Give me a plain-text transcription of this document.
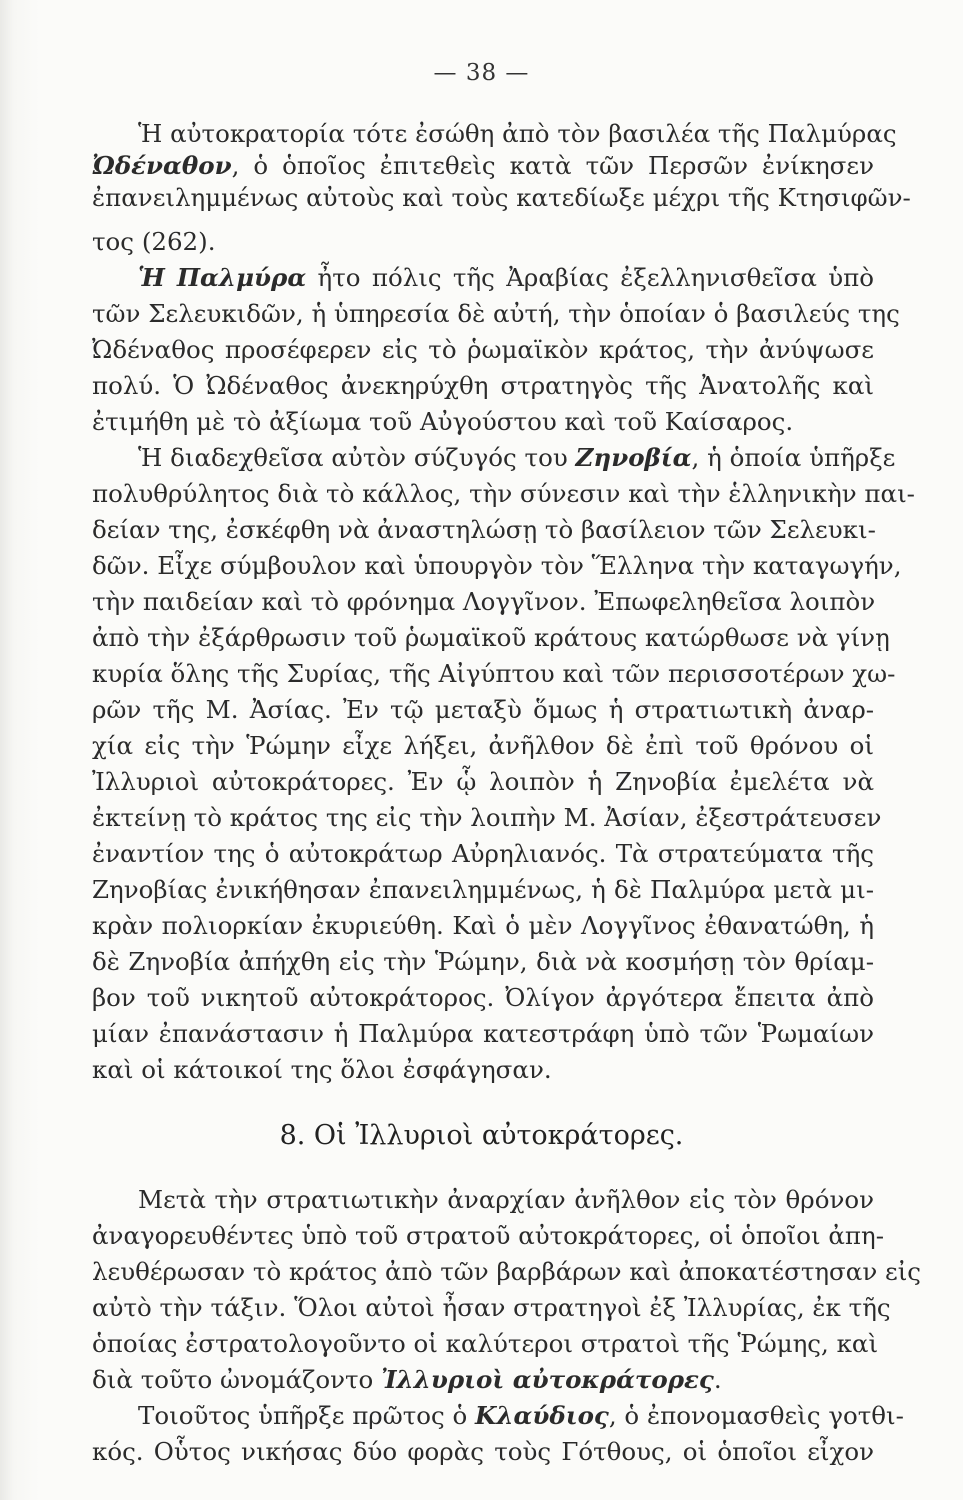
— 38 —
Ἡ αὐτοκρατορία τότε ἐσώθη ἀπὸ τὸν βασιλέα τῆς Παλμύρας
Ὠδέναθον, ὁ ὁποῖος ἐπιτεθεὶς κατὰ τῶν Περσῶν ἐνίκησεν
ἐπανειλημμένως αὐτοὺς καὶ τοὺς κατεδίωξε μέχρι τῆς Κτησιφῶν-
τος (262).
Ἡ Παλμύρα ἦτο πόλις τῆς Ἀραβίας ἐξελληνισθεῖσα ὑπὸ
τῶν Σελευκιδῶν, ἡ ὑπηρεσία δὲ αὐτή, τὴν ὁποίαν ὁ βασιλεύς της
Ὠδέναθος προσέφερεν εἰς τὸ ῥωμαϊκὸν κράτος, τὴν ἀνύψωσε
πολύ. Ὁ Ὠδέναθος ἀνεκηρύχθη στρατηγὸς τῆς Ἀνατολῆς καὶ
ἐτιμήθη μὲ τὸ ἀξίωμα τοῦ Αὐγούστου καὶ τοῦ Καίσαρος.
Ἡ διαδεχθεῖσα αὐτὸν σύζυγός του Ζηνοβία, ἡ ὁποία ὑπῆρξε
πολυθρύλητος διὰ τὸ κάλλος, τὴν σύνεσιν καὶ τὴν ἑλληνικὴν παι-
δείαν της, ἐσκέφθη νὰ ἀναστηλώσῃ τὸ βασίλειον τῶν Σελευκι-
δῶν. Εἶχε σύμβουλον καὶ ὑπουργὸν τὸν Ἕλληνα τὴν καταγωγήν,
τὴν παιδείαν καὶ τὸ φρόνημα Λογγῖνον. Ἐπωφεληθεῖσα λοιπὸν
ἀπὸ τὴν ἐξάρθρωσιν τοῦ ῥωμαϊκοῦ κράτους κατώρθωσε νὰ γίνῃ
κυρία ὅλης τῆς Συρίας, τῆς Αἰγύπτου καὶ τῶν περισσοτέρων χω-
ρῶν τῆς Μ. Ἀσίας. Ἐν τῷ μεταξὺ ὅμως ἡ στρατιωτικὴ ἀναρ-
χία εἰς τὴν Ῥώμην εἶχε λήξει, ἀνῆλθον δὲ ἐπὶ τοῦ θρόνου οἱ
Ἰλλυριοὶ αὐτοκράτορες. Ἐν ᾧ λοιπὸν ἡ Ζηνοβία ἐμελέτα νὰ
ἐκτείνῃ τὸ κράτος της εἰς τὴν λοιπὴν Μ. Ἀσίαν, ἐξεστράτευσεν
ἐναντίον της ὁ αὐτοκράτωρ Αὐρηλιανός. Τὰ στρατεύματα τῆς
Ζηνοβίας ἐνικήθησαν ἐπανειλημμένως, ἡ δὲ Παλμύρα μετὰ μι-
κρὰν πολιορκίαν ἐκυριεύθη. Καὶ ὁ μὲν Λογγῖνος ἐθανατώθη, ἡ
δὲ Ζηνοβία ἀπήχθη εἰς τὴν Ῥώμην, διὰ νὰ κοσμήσῃ τὸν θρίαμ-
βον τοῦ νικητοῦ αὐτοκράτορος. Ὀλίγον ἀργότερα ἔπειτα ἀπὸ
μίαν ἐπανάστασιν ἡ Παλμύρα κατεστράφη ὑπὸ τῶν Ῥωμαίων
καὶ οἱ κάτοικοί της ὅλοι ἐσφάγησαν.
8. Οἱ Ἰλλυριοὶ αὐτοκράτορες.
Μετὰ τὴν στρατιωτικὴν ἀναρχίαν ἀνῆλθον εἰς τὸν θρόνον
ἀναγορευθέντες ὑπὸ τοῦ στρατοῦ αὐτοκράτορες, οἱ ὁποῖοι ἀπη-
λευθέρωσαν τὸ κράτος ἀπὸ τῶν βαρβάρων καὶ ἀποκατέστησαν εἰς
αὐτὸ τὴν τάξιν. Ὅλοι αὐτοὶ ἦσαν στρατηγοὶ ἐξ Ἰλλυρίας, ἐκ τῆς
ὁποίας ἐστρατολογοῦντο οἱ καλύτεροι στρατοὶ τῆς Ῥώμης, καὶ
διὰ τοῦτο ὠνομάζοντο Ἰλλυριοὶ αὐτοκράτορες.
Τοιοῦτος ὑπῆρξε πρῶτος ὁ Κλαύδιος, ὁ ἐπονομασθεὶς γοτθι-
κός. Οὗτος νικήσας δύο φορὰς τοὺς Γότθους, οἱ ὁποῖοι εἶχον
